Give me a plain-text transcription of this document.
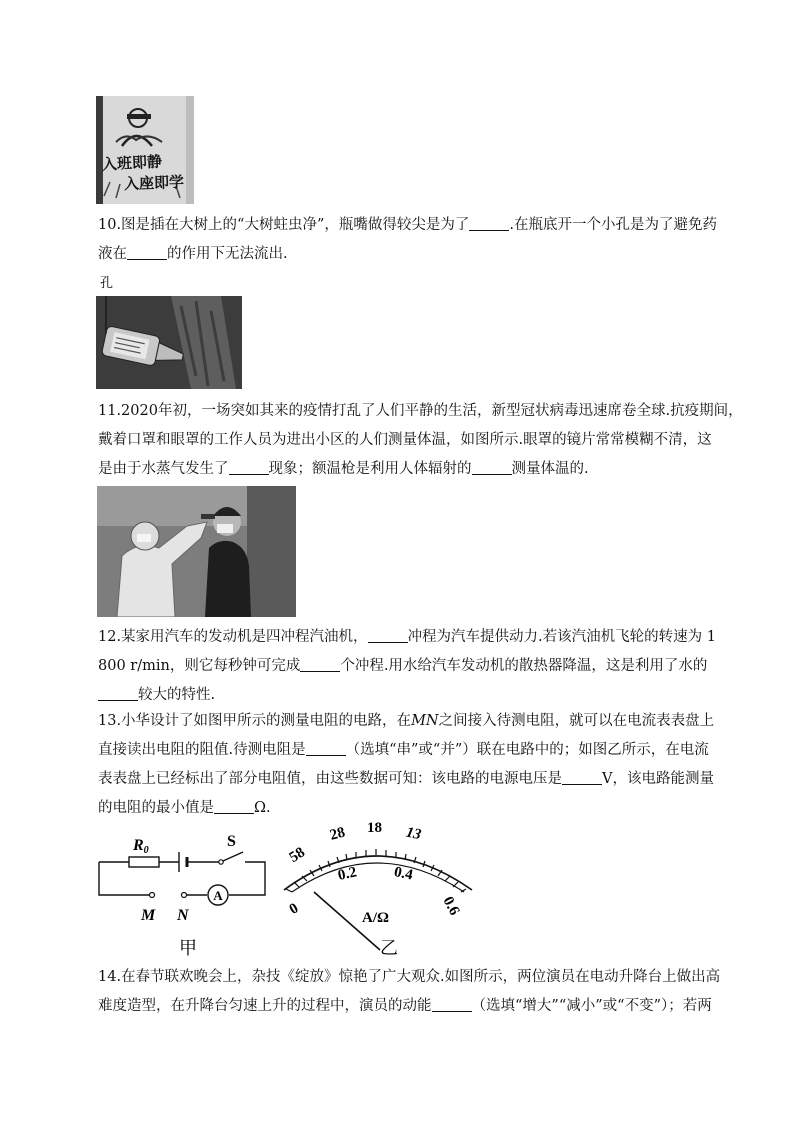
入班即静
入座即学
10.图是插在大树上的“大树蛀虫净”，瓶嘴做得较尖是为了	.在瓶底开一个小孔是为了避免药
液在	的作用下无法流出.
孔
11.2020年初，一场突如其来的疫情打乱了人们平静的生活，新型冠状病毒迅速席卷全球.抗疫期间，
戴着口罩和眼罩的工作人员为进出小区的人们测量体温，如图所示.眼罩的镜片常常模糊不清，这
是由于水蒸气发生了	现象；额温枪是利用人体辐射的	测量体温的.
12.某家用汽车的发动机是四冲程汽油机，	冲程为汽车提供动力.若该汽油机飞轮的转速为 1
800 r/min，则它每秒钟可完成	个冲程.用水给汽车发动机的散热器降温，这是利用了水的
较大的特性.
13.小华设计了如图甲所示的测量电阻的电路，在MN之间接入待测电阻，就可以在电流表表盘上
直接读出电阻的阻值.待测电阻是	（选填“串”或“并”）联在电路中的；如图乙所示，在电流
表表盘上已经标出了部分电阻值，由这些数据可知：该电路的电源电压是	V，该电路能测量
的电阻的最小值是	Ω.
A
R0
S
M N
甲
58
28 18 13
0
0.2 0.4
0.6
A/Ω
乙
14.在春节联欢晚会上，杂技《绽放》惊艳了广大观众.如图所示，两位演员在电动升降台上做出高
难度造型，在升降台匀速上升的过程中，演员的动能	（选填“增大”“减小”或“不变”）；若两
